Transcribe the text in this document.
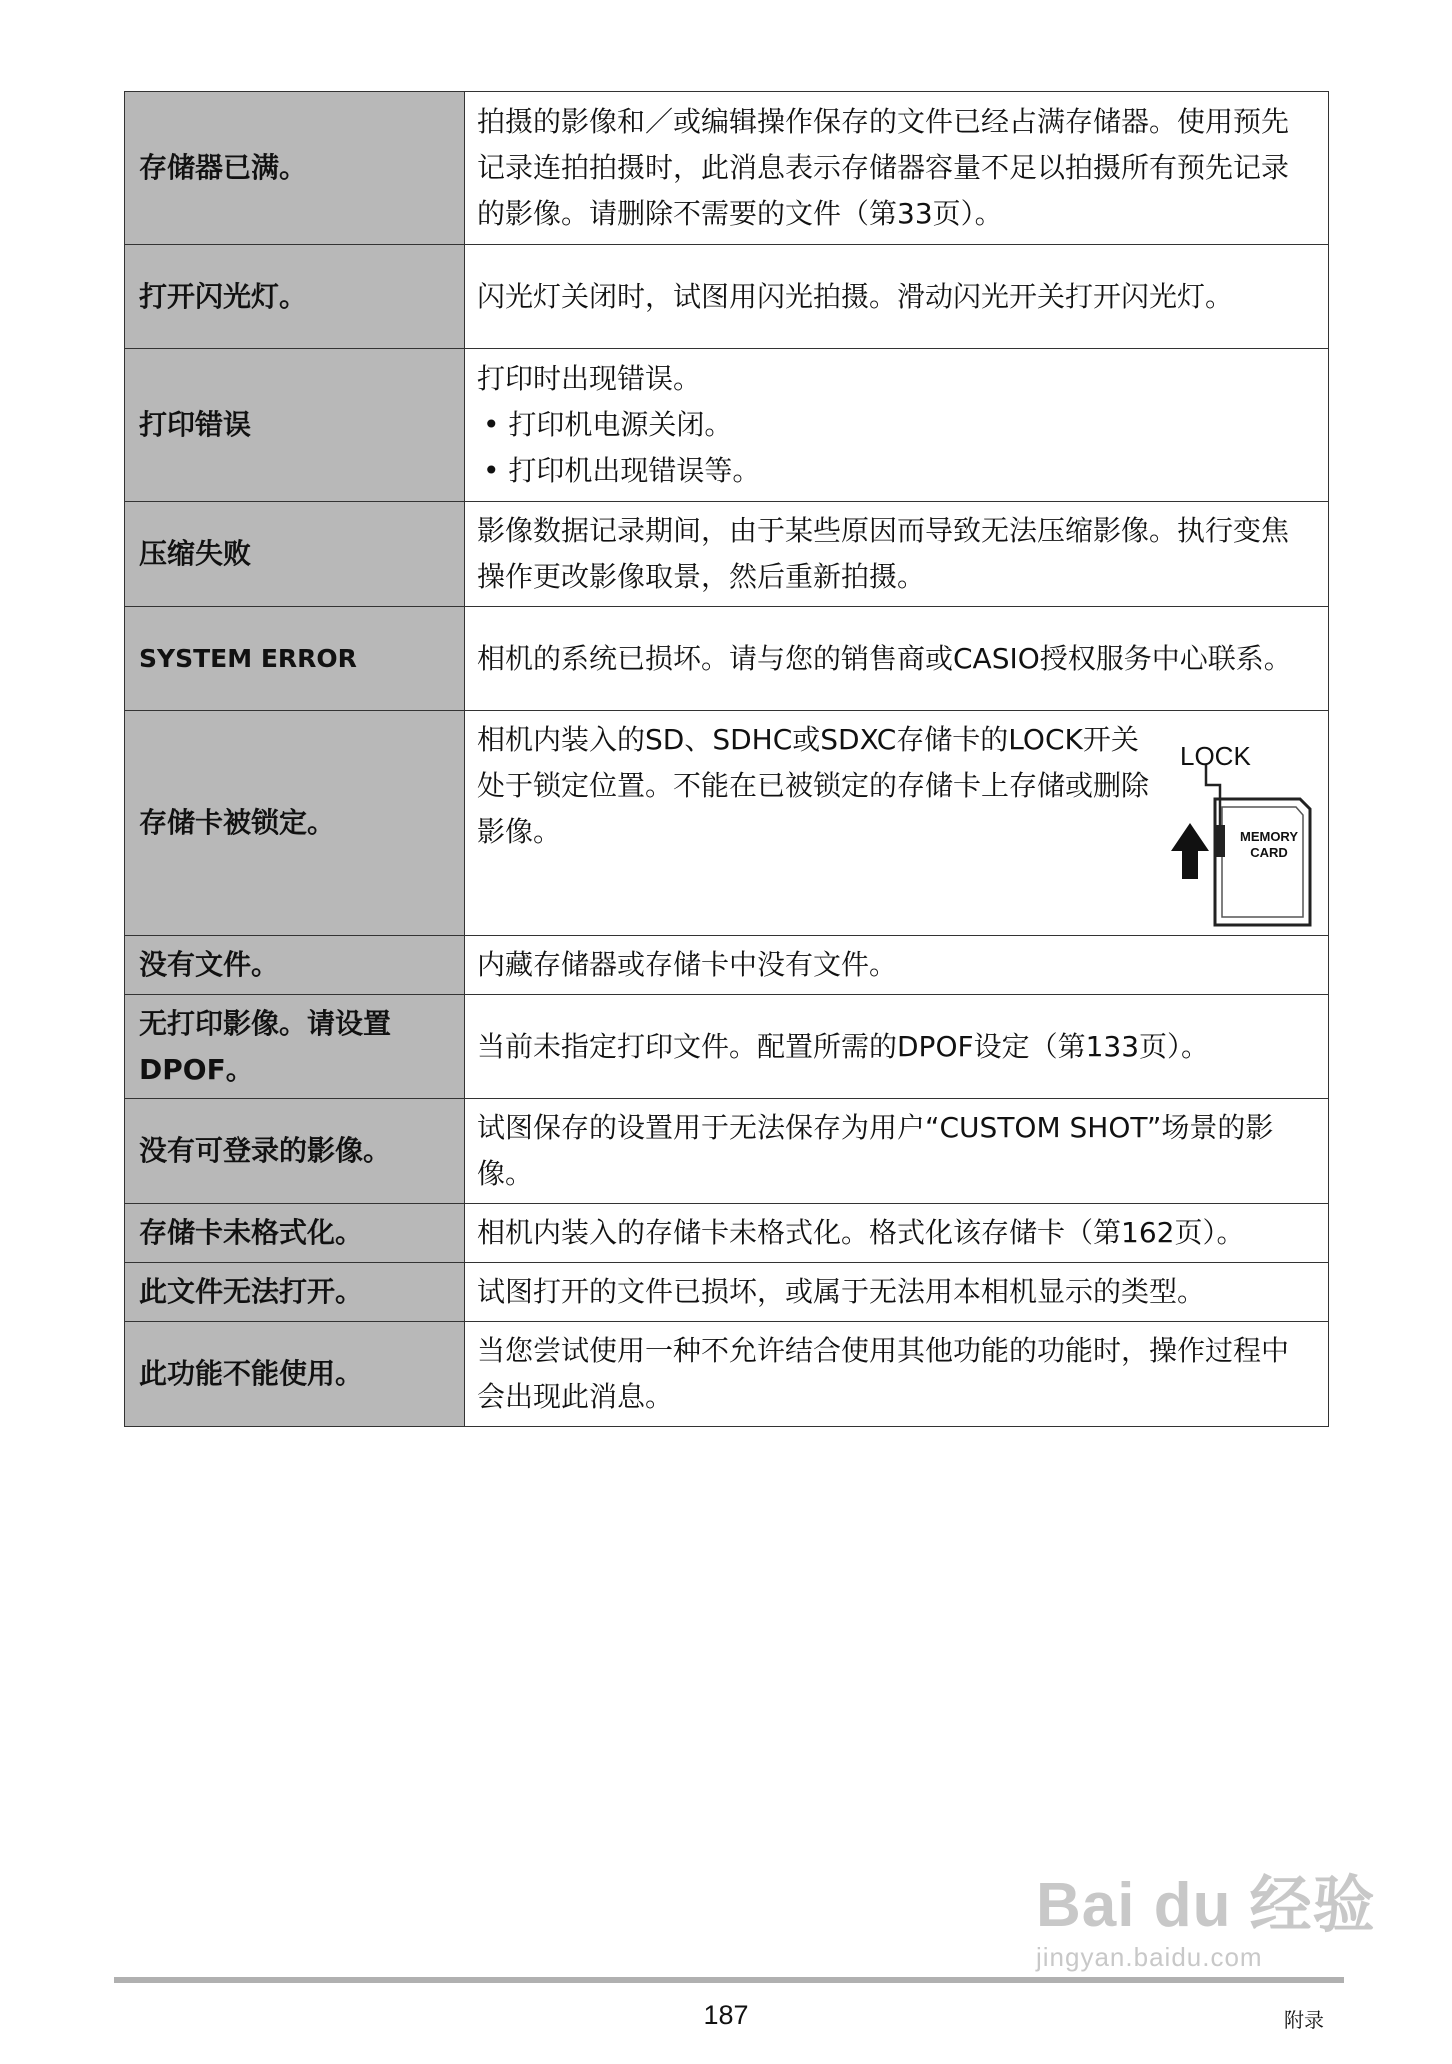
存储器已满。	拍摄的影像和／或编辑操作保存的文件已经占满存储器。使用预先记录连拍拍摄时，此消息表示存储器容量不足以拍摄所有预先记录的影像。请删除不需要的文件（第33页）。
打开闪光灯。	闪光灯关闭时，试图用闪光拍摄。滑动闪光开关打开闪光灯。
打印错误	打印时出现错误。
• 打印机电源关闭。
• 打印机出现错误等。

压缩失败	影像数据记录期间，由于某些原因而导致无法压缩影像。执行变焦操作更改影像取景，然后重新拍摄。
SYSTEM ERROR	相机的系统已损坏。请与您的销售商或CASIO授权服务中心联系。
存储卡被锁定。	相机内装入的SD、SDHC或SDXC存储卡的LOCK开关处于锁定位置。不能在已被锁定的存储卡上存储或删除影像。
LOCK
MEMORY CARD

没有文件。	内藏存储器或存储卡中没有文件。
无打印影像。请设置DPOF。	当前未指定打印文件。配置所需的DPOF设定（第133页）。
没有可登录的影像。	试图保存的设置用于无法保存为用户“CUSTOM SHOT”场景的影像。
存储卡未格式化。	相机内装入的存储卡未格式化。格式化该存储卡（第162页）。
此文件无法打开。	试图打开的文件已损坏，或属于无法用本相机显示的类型。
此功能不能使用。	当您尝试使用一种不允许结合使用其他功能的功能时，操作过程中会出现此消息。
Bai du 经验
jingyan.baidu.com
187	附录
